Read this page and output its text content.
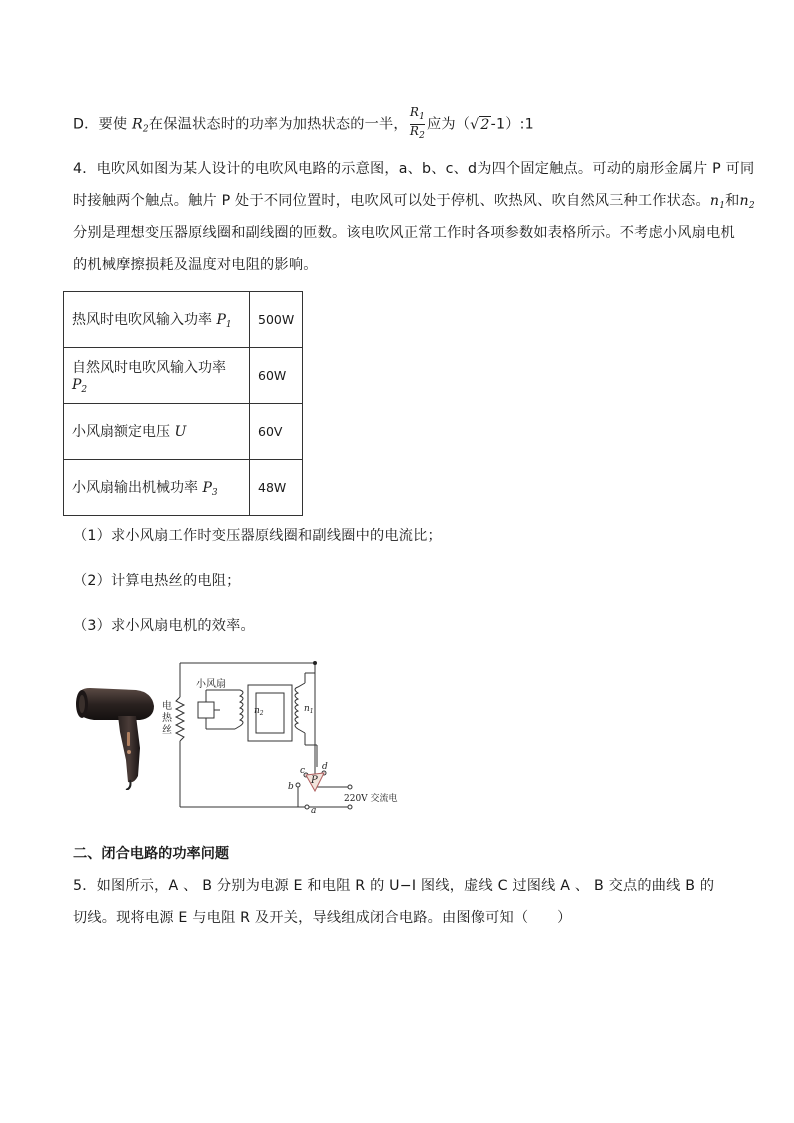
D．要使 $R_2$在保温状态时的功率为加热状态的一半， $\frac{R_1}{R_2}$ 应为（√2-1）:1
4．电吹风如图为某人设计的电吹风电路的示意图，a、b、c、d为四个固定触点。可动的扇形金属片 P 可同
时接触两个触点。触片 P 处于不同位置时，电吹风可以处于停机、吹热风、吹自然风三种工作状态。$n_1$和$n_2$
分别是理想变压器原线圈和副线圈的匝数。该电吹风正常工作时各项参数如表格所示。不考虑小风扇电机
的机械摩擦损耗及温度对电阻的影响。
热风时电吹风输入功率 $P_1$	500W
自然风时电吹风输入功率 $P_2$	60W
小风扇额定电压 U	60V
小风扇输出机械功率 $P_3$	48W
（1）求小风扇工作时变压器原线圈和副线圈中的电流比；
（2）计算电热丝的电阻；
（3）求小风扇电机的效率。
P
小风扇
电
热
丝
$n_2$	$n_1$
b
c d
a
220V 交流电
二、闭合电路的功率问题
5．如图所示，A 、 B 分别为电源 E 和电阻 R 的 U−I 图线，虚线 C 过图线 A 、 B 交点的曲线 B 的
切线。现将电源 E 与电阻 R 及开关，导线组成闭合电路。由图像可知（　　）
